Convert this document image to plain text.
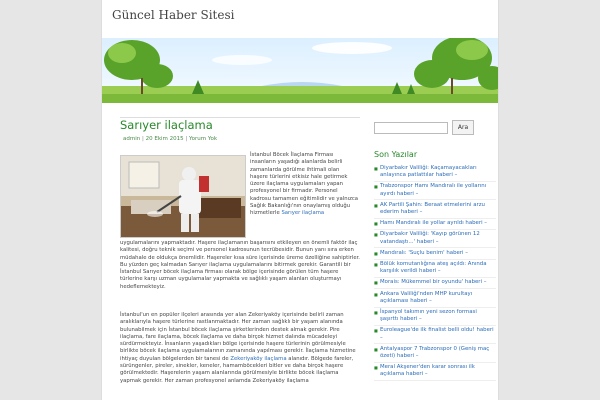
Güncel Haber Sitesi
Sarıyer ilaçlama
admin | 20 Ekim 2015 | Yorum Yok
İstanbul Böcek İlaçlama Firması insanların yaşadığı alanlarda belirli zamanlarda görülme ihtimali olan haşere türlerini etkisiz hale getirmek üzere ilaçlama uygulamaları yapan profesyonel bir firmadır. Personel kadrosu tamamen eğitimlidir ve yalnızca Sağlık Bakanlığı'nın onaylamış olduğu hizmetlerle Sarıyer ilaçlama
uygulamalarını yapmaktadır. Haşere ilaçlamanın başarısını etkileyen en önemli faktör ilaç kalitesi, doğru teknik seçimi ve personel kadrosunun tecrübesidir. Bunun yanı sıra erken müdahale de oldukça önemlidir. Haşereler kısa süre içerisinde üreme özelliğine sahiptirler. Bu yüzden geç kalmadan Sarıyer ilaçlama uygulamalarını bitirmek gerekir. Garantili bir İstanbul Sarıyer böcek ilaçlama firması olarak bölge içerisinde görülen tüm haşere türlerine karşı uzman uygulamalar yapmakta ve sağlıklı yaşam alanları oluşturmayı hedeflemekteyiz.
İstanbul'un en popüler ilçeleri arasında yer alan Zekeriyaköy içerisinde belirli zaman aralıklarıyla haşere türlerine rastlanmaktadır. Her zaman sağlıklı bir yaşam alanında bulunabilmek için İstanbul böcek ilaçlama şirketlerinden destek almak gerekir. Pire ilaçlama, fare ilaçlama, böcek ilaçlama ve daha birçok hizmet dalında mücadeleyi sürdürmekteyiz. İnsanların yaşadıkları bölge içerisinde haşere türlerinin görülmesiyle birlikte böcek ilaçlama uygulamalarının zamanında yapılması gerekir. İlaçlama hizmetine ihtiyaç duyulan bölgelerden bir tanesi de Zekeriyaköy ilaçlama alanıdır. Bölgede fareler, sürüngenler, pireler, sinekler, keneler, hamamböcekleri bitler ve daha birçok haşere görülmektedir. Haşerelerin yaşam alanlarında görülmesiyle birlikte böcek ilaçlama yapmak gerekir. Her zaman profesyonel anlamda Zekeriyaköy ilaçlama
Ara
Son Yazılar
■ Diyarbakır Valiliği: Kaçamayacakları anlayınca patlattılar haberi –
■ Trabzonspor Hamı Mandıralı ile yollarını ayırdı haberi –
■ AK Partili Şahin: Beraat etmelerini arzu ederim haberi –
■ Hamı Mandıralı ile yollar ayrıldı haberi –
■ Diyarbakır Valiliği: 'Kayıp görünen 12 vatandaştı...' haberi –
■ Mandıralı: 'Suçlu benim' haberi –
■ Bölük komutanlığına ateş açıldı: Anında karşılık verildi haberi –
■ Morais: Mükemmel bir oyundu' haberi –
■ Ankara Valiliği'nden MHP kurultayı açıklaması haberi –
■ İspanyol takımın yeni sezon formasi şaşırttı haberi –
■ Euroleague'de ilk finalist belli oldu! haberi –
■ Antalyaspor 7 Trabzonspor 0 (Geniş maç özeti) haberi –
■ Meral Akşener'den karar sonrası ilk açıklama haberi –
